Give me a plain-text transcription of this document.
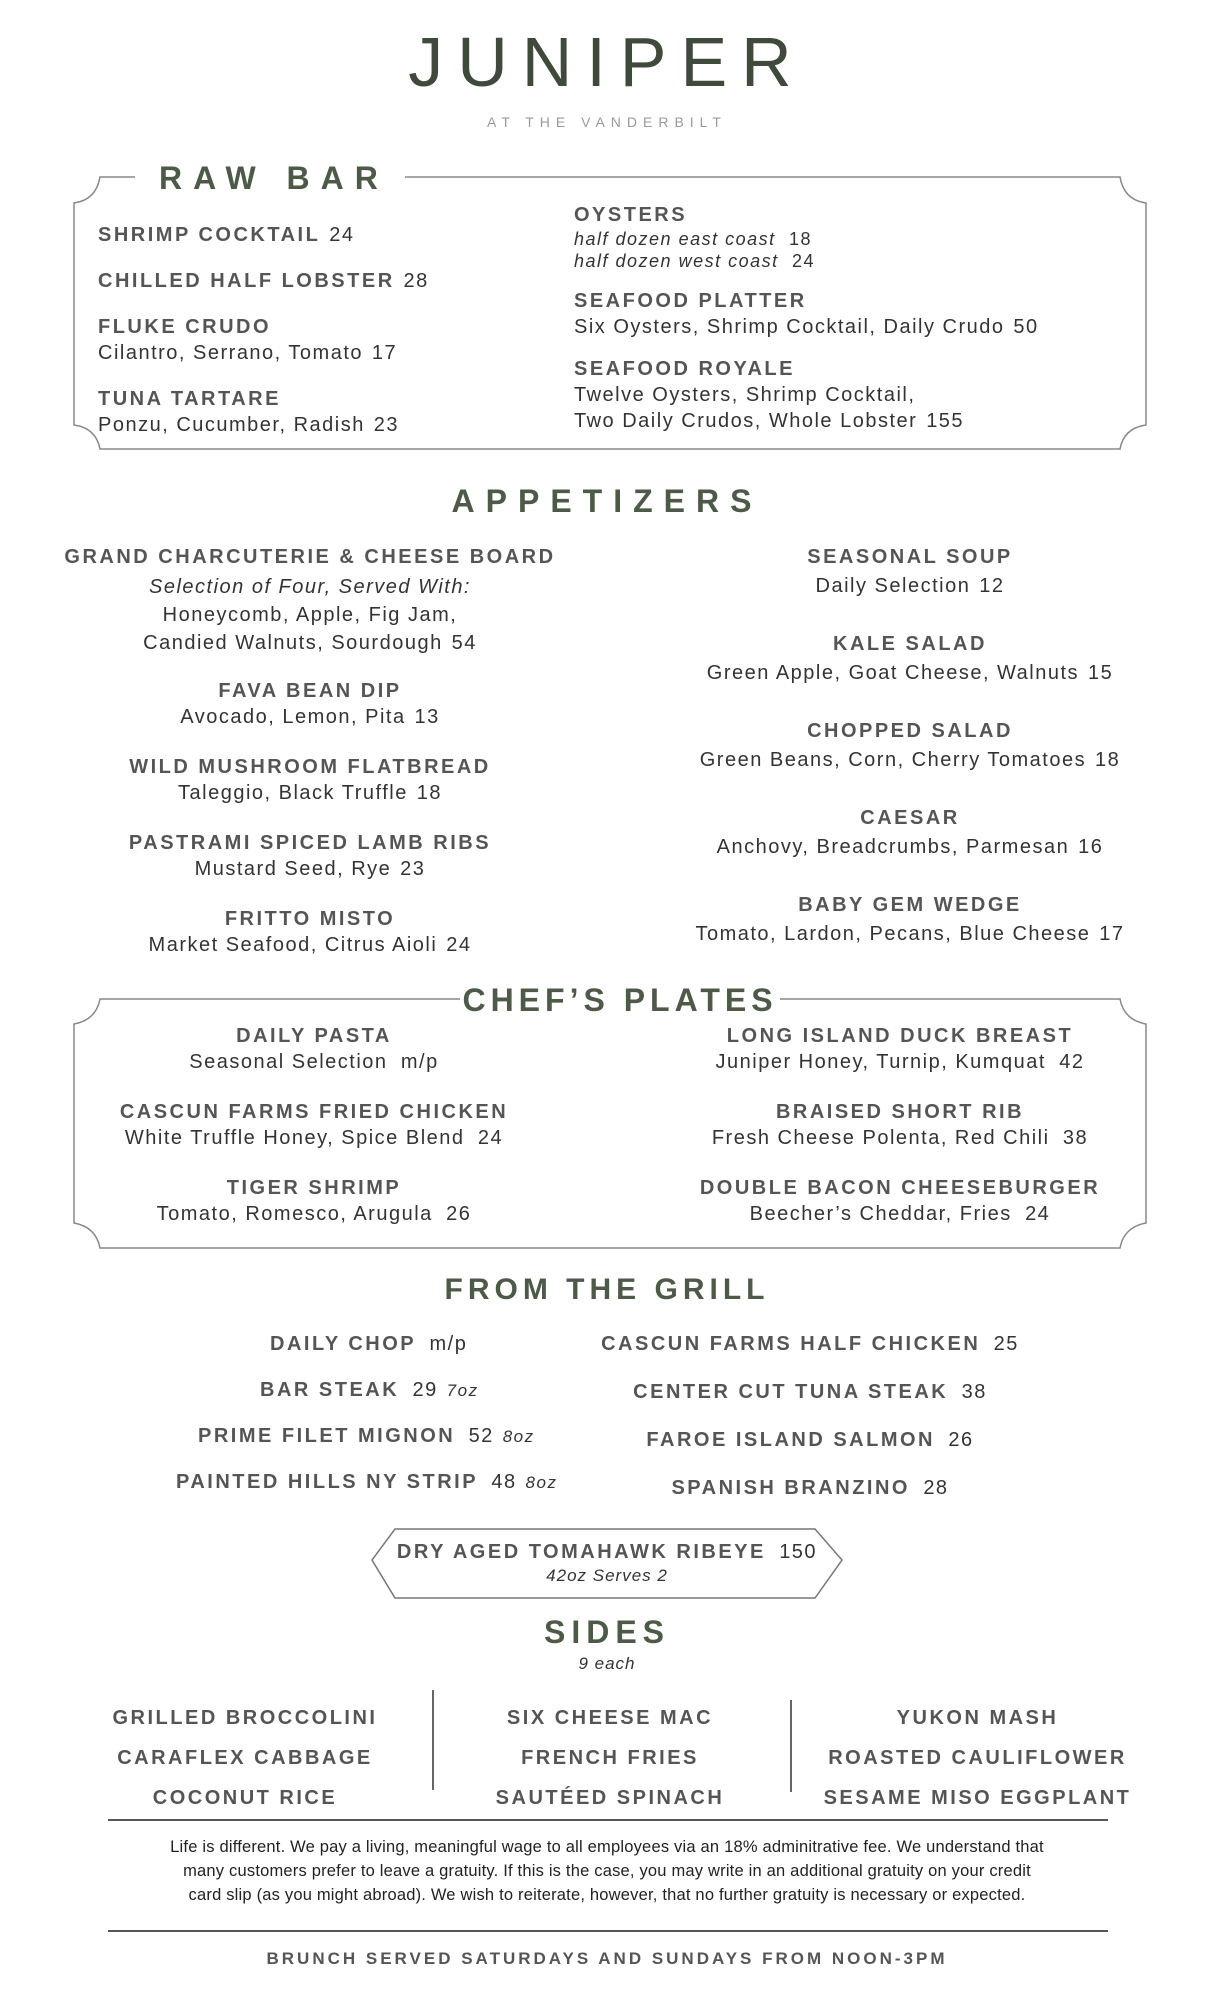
JUNIPER
AT THE VANDERBILT
RAW BAR
SHRIMP COCKTAIL 24
CHILLED HALF LOBSTER 28
FLUKE CRUDO
Cilantro, Serrano, Tomato 17
TUNA TARTARE
Ponzu, Cucumber, Radish 23
OYSTERS
half dozen east coast 18
half dozen west coast 24
SEAFOOD PLATTER
Six Oysters, Shrimp Cocktail, Daily Crudo 50
SEAFOOD ROYALE
Twelve Oysters, Shrimp Cocktail,
Two Daily Crudos, Whole Lobster 155
APPETIZERS
GRAND CHARCUTERIE & CHEESE BOARD
Selection of Four, Served With:
Honeycomb, Apple, Fig Jam,
Candied Walnuts, Sourdough 54
FAVA BEAN DIP
Avocado, Lemon, Pita 13
WILD MUSHROOM FLATBREAD
Taleggio, Black Truffle 18
PASTRAMI SPICED LAMB RIBS
Mustard Seed, Rye 23
FRITTO MISTO
Market Seafood, Citrus Aioli 24
SEASONAL SOUP
Daily Selection 12
KALE SALAD
Green Apple, Goat Cheese, Walnuts 15
CHOPPED SALAD
Green Beans, Corn, Cherry Tomatoes 18
CAESAR
Anchovy, Breadcrumbs, Parmesan 16
BABY GEM WEDGE
Tomato, Lardon, Pecans, Blue Cheese 17
CHEF’S PLATES
DAILY PASTA
Seasonal Selection m/p
CASCUN FARMS FRIED CHICKEN
White Truffle Honey, Spice Blend 24
TIGER SHRIMP
Tomato, Romesco, Arugula 26
LONG ISLAND DUCK BREAST
Juniper Honey, Turnip, Kumquat 42
BRAISED SHORT RIB
Fresh Cheese Polenta, Red Chili 38
DOUBLE BACON CHEESEBURGER
Beecher’s Cheddar, Fries 24
FROM THE GRILL
DAILY CHOP m/p
BAR STEAK 29 7oz
PRIME FILET MIGNON 52 8oz
PAINTED HILLS NY STRIP 48 8oz
CASCUN FARMS HALF CHICKEN 25
CENTER CUT TUNA STEAK 38
FAROE ISLAND SALMON 26
SPANISH BRANZINO 28
DRY AGED TOMAHAWK RIBEYE 150
42oz Serves 2
SIDES
9 each
GRILLED BROCCOLINI
CARAFLEX CABBAGE
COCONUT RICE
SIX CHEESE MAC
FRENCH FRIES
SAUTÉED SPINACH
YUKON MASH
ROASTED CAULIFLOWER
SESAME MISO EGGPLANT
Life is different. We pay a living, meaningful wage to all employees via an 18% adminitrative fee. We understand that
many customers prefer to leave a gratuity. If this is the case, you may write in an additional gratuity on your credit
card slip (as you might abroad). We wish to reiterate, however, that no further gratuity is necessary or expected.
BRUNCH SERVED SATURDAYS AND SUNDAYS FROM NOON-3PM
